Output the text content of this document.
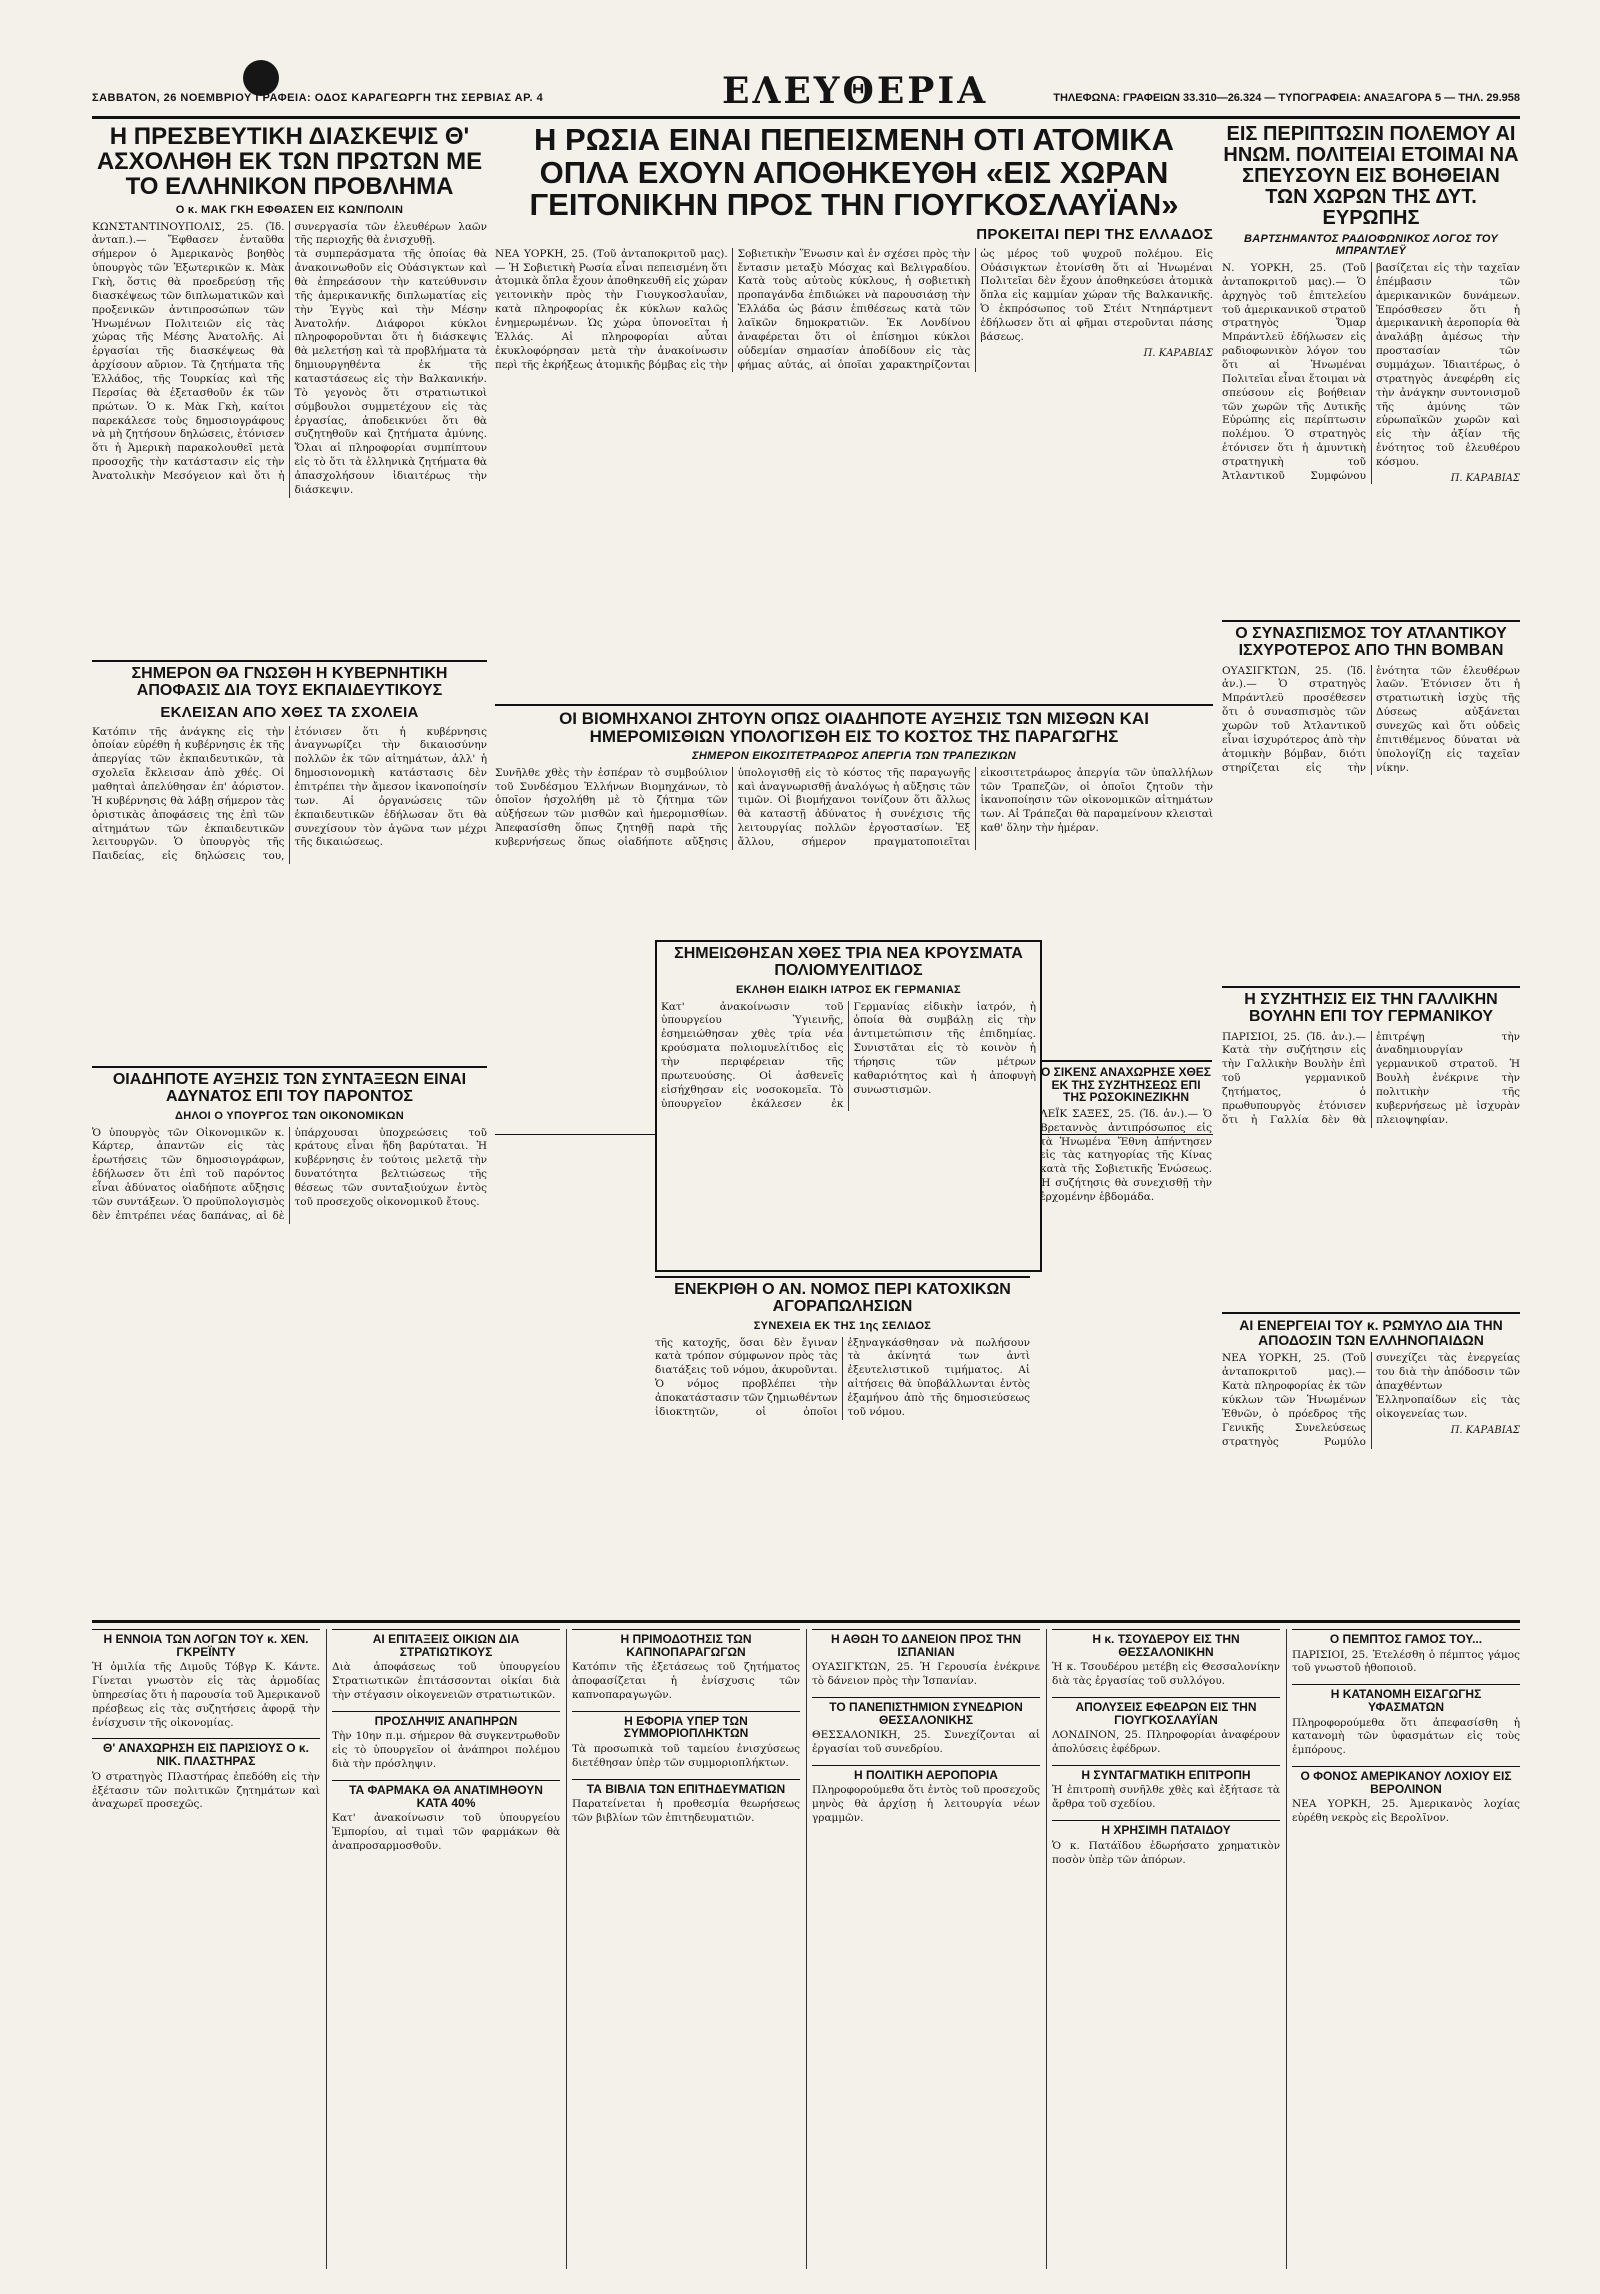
ΣΑΒΒΑΤΟΝ, 26 ΝΟΕΜΒΡΙΟΥ ΓΡΑΦΕΙΑ: ΟΔΟΣ ΚΑΡΑΓΕΩΡΓΗ ΤΗΣ ΣΕΡΒΙΑΣ ΑΡ. 4	ΕΛΕΥΘΕΡΙΑ	ΤΗΛΕΦΩΝΑ: ΓΡΑΦΕΙΩΝ 33.310—26.324 — ΤΥΠΟΓΡΑΦΕΙΑ: ΑΝΑΞΑΓΟΡΑ 5 — ΤΗΛ. 29.958
Η ΠΡΕΣΒΕΥΤΙΚΗ ΔΙΑΣΚΕΨΙΣ Θ' ΑΣΧΟΛΗΘΗ ΕΚ ΤΩΝ ΠΡΩΤΩΝ ΜΕ ΤΟ ΕΛΛΗΝΙΚΟΝ ΠΡΟΒΛΗΜΑ
Ο κ. ΜΑΚ ΓΚΗ ΕΦΘΑΣΕΝ ΕΙΣ ΚΩΝ/ΠΟΛΙΝ

ΚΩΝΣΤΑΝΤΙΝΟΥΠΟΛΙΣ, 25. (Ἰδ. ἀνταπ.).— Ἔφθασεν ἐνταῦθα σήμερον ὁ Ἀμερικανὸς βοηθὸς ὑπουργὸς τῶν Ἐξωτερικῶν κ. Μὰκ Γκὴ, ὅστις θὰ προεδρεύσῃ τῆς διασκέψεως τῶν διπλωματικῶν καὶ προξενικῶν ἀντιπροσώπων τῶν Ἡνωμένων Πολιτειῶν εἰς τὰς χώρας τῆς Μέσης Ἀνατολῆς. Αἱ ἐργασίαι τῆς διασκέψεως θὰ ἀρχίσουν αὔριον. Τὰ ζητήματα τῆς Ἑλλάδος, τῆς Τουρκίας καὶ τῆς Περσίας θὰ ἐξετασθοῦν ἐκ τῶν πρώτων. Ὁ κ. Μὰκ Γκὴ, καίτοι παρεκάλεσε τοὺς δημοσιογράφους νὰ μὴ ζητήσουν δηλώσεις, ἐτόνισεν ὅτι ἡ Ἀμερικὴ παρακολουθεῖ μετὰ προσοχῆς τὴν κατάστασιν εἰς τὴν Ἀνατολικὴν Μεσόγειον καὶ ὅτι ἡ συνεργασία τῶν ἐλευθέρων λαῶν τῆς περιοχῆς θὰ ἐνισχυθῇ.

τὰ συμπεράσματα τῆς ὁποίας θὰ ἀνακοινωθοῦν εἰς Οὐάσιγκτων καὶ θὰ ἐπηρεάσουν τὴν κατεύθυνσιν τῆς ἀμερικανικῆς διπλωματίας εἰς τὴν Ἐγγὺς καὶ τὴν Μέσην Ἀνατολήν. Διάφοροι κύκλοι πληροφοροῦνται ὅτι ἡ διάσκεψις θὰ μελετήσῃ καὶ τὰ προβλήματα τὰ δημιουργηθέντα ἐκ τῆς καταστάσεως εἰς τὴν Βαλκανικήν. Τὸ γεγονὸς ὅτι στρατιωτικοὶ σύμβουλοι συμμετέχουν εἰς τὰς ἐργασίας, ἀποδεικνύει ὅτι θὰ συζητηθοῦν καὶ ζητήματα ἀμύνης. Ὅλαι αἱ πληροφορίαι συμπίπτουν εἰς τὸ ὅτι τὰ ἑλληνικὰ ζητήματα θὰ ἀπασχολήσουν ἰδιαιτέρως τὴν διάσκεψιν.

Η ΡΩΣΙΑ ΕΙΝΑΙ ΠΕΠΕΙΣΜΕΝΗ ΟΤΙ ΑΤΟΜΙΚΑ ΟΠΛΑ ΕΧΟΥΝ ΑΠΟΘΗΚΕΥΘΗ «ΕΙΣ ΧΩΡΑΝ ΓΕΙΤΟΝΙΚΗΝ ΠΡΟΣ ΤΗΝ ΓΙΟΥΓΚΟΣΛΑΥΪΑΝ»
ΠΡΟΚΕΙΤΑΙ ΠΕΡΙ ΤΗΣ ΕΛΛΑΔΟΣ

ΝΕΑ ΥΟΡΚΗ, 25. (Τοῦ ἀνταποκριτοῦ μας).— Ἡ Σοβιετικὴ Ρωσία εἶναι πεπεισμένη ὅτι ἀτομικὰ ὅπλα ἔχουν ἀποθηκευθῆ εἰς χώραν γειτονικὴν πρὸς τὴν Γιουγκοσλαυΐαν, κατὰ πληροφορίας ἐκ κύκλων καλῶς ἐνημερωμένων. Ὡς χώρα ὑπονοεῖται ἡ Ἑλλάς. Αἱ πληροφορίαι αὗται ἐκυκλοφόρησαν μετὰ τὴν ἀνακοίνωσιν περὶ τῆς ἐκρήξεως ἀτομικῆς βόμβας εἰς τὴν Σοβιετικὴν Ἕνωσιν καὶ ἐν σχέσει πρὸς τὴν ἔντασιν μεταξὺ Μόσχας καὶ Βελιγραδίου. Κατὰ τοὺς αὐτοὺς κύκλους, ἡ σοβιετικὴ προπαγάνδα ἐπιδιώκει νὰ παρουσιάσῃ τὴν Ἑλλάδα ὡς βάσιν ἐπιθέσεως κατὰ τῶν λαϊκῶν δημοκρατιῶν. Ἐκ Λονδίνου ἀναφέρεται ὅτι οἱ ἐπίσημοι κύκλοι οὐδεμίαν σημασίαν ἀποδίδουν εἰς τὰς φήμας αὐτάς, αἱ ὁποῖαι χαρακτηρίζονται ὡς μέρος τοῦ ψυχροῦ πολέμου. Εἰς Οὐάσιγκτων ἐτονίσθη ὅτι αἱ Ἡνωμέναι Πολιτεῖαι δὲν ἔχουν ἀποθηκεύσει ἀτομικὰ ὅπλα εἰς καμμίαν χώραν τῆς Βαλκανικῆς. Ὁ ἐκπρόσωπος τοῦ Στέιτ Ντηπάρτμεντ ἐδήλωσεν ὅτι αἱ φῆμαι στεροῦνται πάσης βάσεως.

Π. ΚΑΡΑΒΙΑΣ
ΕΙΣ ΠΕΡΙΠΤΩΣΙΝ ΠΟΛΕΜΟΥ ΑΙ ΗΝΩΜ. ΠΟΛΙΤΕΙΑΙ ΕΤΟΙΜΑΙ ΝΑ ΣΠΕΥΣΟΥΝ ΕΙΣ ΒΟΗΘΕΙΑΝ ΤΩΝ ΧΩΡΩΝ ΤΗΣ ΔΥΤ. ΕΥΡΩΠΗΣ
ΒΑΡΤΣΗΜΑΝΤΟΣ ΡΑΔΙΟΦΩΝΙΚΟΣ ΛΟΓΟΣ ΤΟΥ ΜΠΡΑΝΤΛΕΫ

Ν. ΥΟΡΚΗ, 25. (Τοῦ ἀνταποκριτοῦ μας).— Ὁ ἀρχηγὸς τοῦ ἐπιτελείου τοῦ ἀμερικανικοῦ στρατοῦ στρατηγὸς Ὄμαρ Μπράντλεϋ ἐδήλωσεν εἰς ραδιοφωνικὸν λόγον του ὅτι αἱ Ἡνωμέναι Πολιτεῖαι εἶναι ἕτοιμαι νὰ σπεύσουν εἰς βοήθειαν τῶν χωρῶν τῆς Δυτικῆς Εὐρώπης εἰς περίπτωσιν πολέμου. Ὁ στρατηγὸς ἐτόνισεν ὅτι ἡ ἀμυντικὴ στρατηγικὴ τοῦ Ἀτλαντικοῦ Συμφώνου βασίζεται εἰς τὴν ταχεῖαν ἐπέμβασιν τῶν ἀμερικανικῶν δυνάμεων. Ἐπρόσθεσεν ὅτι ἡ ἀμερικανικὴ ἀεροπορία θὰ ἀναλάβῃ ἀμέσως τὴν προστασίαν τῶν συμμάχων. Ἰδιαιτέρως, ὁ στρατηγὸς ἀνεφέρθη εἰς τὴν ἀνάγκην συντονισμοῦ τῆς ἀμύνης τῶν εὐρωπαϊκῶν χωρῶν καὶ εἰς τὴν ἀξίαν τῆς ἑνότητος τοῦ ἐλευθέρου κόσμου.

Π. ΚΑΡΑΒΙΑΣ
ΣΗΜΕΡΟΝ ΘΑ ΓΝΩΣΘΗ Η ΚΥΒΕΡΝΗΤΙΚΗ ΑΠΟΦΑΣΙΣ ΔΙΑ ΤΟΥΣ ΕΚΠΑΙΔΕΥΤΙΚΟΥΣ
ΕΚΛΕΙΣΑΝ ΑΠΟ ΧΘΕΣ ΤΑ ΣΧΟΛΕΙΑ

Κατόπιν τῆς ἀνάγκης εἰς τὴν ὁποίαν εὑρέθη ἡ κυβέρνησις ἐκ τῆς ἀπεργίας τῶν ἐκπαιδευτικῶν, τὰ σχολεῖα ἔκλεισαν ἀπὸ χθές. Οἱ μαθηταὶ ἀπελύθησαν ἐπ' ἀόριστον. Ἡ κυβέρνησις θὰ λάβῃ σήμερον τὰς ὁριστικὰς ἀποφάσεις της ἐπὶ τῶν αἰτημάτων τῶν ἐκπαιδευτικῶν λειτουργῶν. Ὁ ὑπουργὸς τῆς Παιδείας, εἰς δηλώσεις του, ἐτόνισεν ὅτι ἡ κυβέρνησις ἀναγνωρίζει τὴν δικαιοσύνην πολλῶν ἐκ τῶν αἰτημάτων, ἀλλ' ἡ δημοσιονομικὴ κατάστασις δὲν ἐπιτρέπει τὴν ἄμεσον ἱκανοποίησίν των. Αἱ ὀργανώσεις τῶν ἐκπαιδευτικῶν ἐδήλωσαν ὅτι θὰ συνεχίσουν τὸν ἀγῶνα των μέχρι τῆς δικαιώσεως.

ΟΙΑΔΗΠΟΤΕ ΑΥΞΗΣΙΣ ΤΩΝ ΣΥΝΤΑΞΕΩΝ ΕΙΝΑΙ ΑΔΥΝΑΤΟΣ ΕΠΙ ΤΟΥ ΠΑΡΟΝΤΟΣ
ΔΗΛΟΙ Ο ΥΠΟΥΡΓΟΣ ΤΩΝ ΟΙΚΟΝΟΜΙΚΩΝ

Ὁ ὑπουργὸς τῶν Οἰκονομικῶν κ. Κάρτερ, ἀπαντῶν εἰς τὰς ἐρωτήσεις τῶν δημοσιογράφων, ἐδήλωσεν ὅτι ἐπὶ τοῦ παρόντος εἶναι ἀδύνατος οἱαδήποτε αὔξησις τῶν συντάξεων. Ὁ προϋπολογισμὸς δὲν ἐπιτρέπει νέας δαπάνας, αἱ δὲ ὑπάρχουσαι ὑποχρεώσεις τοῦ κράτους εἶναι ἤδη βαρύταται. Ἡ κυβέρνησις ἐν τούτοις μελετᾷ τὴν δυνατότητα βελτιώσεως τῆς θέσεως τῶν συνταξιούχων ἐντὸς τοῦ προσεχοῦς οἰκονομικοῦ ἔτους.

ΟΙ ΒΙΟΜΗΧΑΝΟΙ ΖΗΤΟΥΝ ΟΠΩΣ ΟΙΑΔΗΠΟΤΕ ΑΥΞΗΣΙΣ ΤΩΝ ΜΙΣΘΩΝ ΚΑΙ ΗΜΕΡΟΜΙΣΘΙΩΝ ΥΠΟΛΟΓΙΣΘΗ ΕΙΣ ΤΟ ΚΟΣΤΟΣ ΤΗΣ ΠΑΡΑΓΩΓΗΣ
ΣΗΜΕΡΟΝ ΕΙΚΟΣΙΤΕΤΡΑΩΡΟΣ ΑΠΕΡΓΙΑ ΤΩΝ ΤΡΑΠΕΖΙΚΩΝ

Συνῆλθε χθὲς τὴν ἑσπέραν τὸ συμβούλιον τοῦ Συνδέσμου Ἑλλήνων Βιομηχάνων, τὸ ὁποῖον ἠσχολήθη μὲ τὸ ζήτημα τῶν αὐξήσεων τῶν μισθῶν καὶ ἡμερομισθίων. Ἀπεφασίσθη ὅπως ζητηθῇ παρὰ τῆς κυβερνήσεως ὅπως οἱαδήποτε αὔξησις ὑπολογισθῇ εἰς τὸ κόστος τῆς παραγωγῆς καὶ ἀναγνωρισθῇ ἀναλόγως ἡ αὔξησις τῶν τιμῶν. Οἱ βιομήχανοι τονίζουν ὅτι ἄλλως θὰ καταστῇ ἀδύνατος ἡ συνέχισις τῆς λειτουργίας πολλῶν ἐργοστασίων. Ἐξ ἄλλου, σήμερον πραγματοποιεῖται εἰκοσιτετράωρος ἀπεργία τῶν ὑπαλλήλων τῶν Τραπεζῶν, οἱ ὁποῖοι ζητοῦν τὴν ἱκανοποίησιν τῶν οἰκονομικῶν αἰτημάτων των. Αἱ Τράπεζαι θὰ παραμείνουν κλεισταὶ καθ' ὅλην τὴν ἡμέραν.

ΣΗΜΕΙΩΘΗΣΑΝ ΧΘΕΣ ΤΡΙΑ ΝΕΑ ΚΡΟΥΣΜΑΤΑ ΠΟΛΙΟΜΥΕΛΙΤΙΔΟΣ
ΕΚΛΗΘΗ ΕΙΔΙΚΗ ΙΑΤΡΟΣ ΕΚ ΓΕΡΜΑΝΙΑΣ

Κατ' ἀνακοίνωσιν τοῦ ὑπουργείου Ὑγιεινῆς, ἐσημειώθησαν χθὲς τρία νέα κρούσματα πολιομυελίτιδος εἰς τὴν περιφέρειαν τῆς πρωτευούσης. Οἱ ἀσθενεῖς εἰσήχθησαν εἰς νοσοκομεῖα. Τὸ ὑπουργεῖον ἐκάλεσεν ἐκ Γερμανίας εἰδικὴν ἰατρόν, ἡ ὁποία θὰ συμβάλῃ εἰς τὴν ἀντιμετώπισιν τῆς ἐπιδημίας. Συνιστᾶται εἰς τὸ κοινὸν ἡ τήρησις τῶν μέτρων καθαριότητος καὶ ἡ ἀποφυγὴ συνωστισμῶν.

ΕΝΕΚΡΙΘΗ Ο ΑΝ. ΝΟΜΟΣ ΠΕΡΙ ΚΑΤΟΧΙΚΩΝ ΑΓΟΡΑΠΩΛΗΣΙΩΝ
ΣΥΝΕΧΕΙΑ ΕΚ ΤΗΣ 1ης ΣΕΛΙΔΟΣ

τῆς κατοχῆς, ὅσαι δὲν ἔγιναν κατὰ τρόπον σύμφωνον πρὸς τὰς διατάξεις τοῦ νόμου, ἀκυροῦνται. Ὁ νόμος προβλέπει τὴν ἀποκατάστασιν τῶν ζημιωθέντων ἰδιοκτητῶν, οἱ ὁποῖοι ἐξηναγκάσθησαν νὰ πωλήσουν τὰ ἀκίνητά των ἀντὶ ἐξευτελιστικοῦ τιμήματος. Αἱ αἰτήσεις θὰ ὑποβάλλωνται ἐντὸς ἑξαμήνου ἀπὸ τῆς δημοσιεύσεως τοῦ νόμου.

Ο ΣΥΝΑΣΠΙΣΜΟΣ ΤΟΥ ΑΤΛΑΝΤΙΚΟΥ ΙΣΧΥΡΟΤΕΡΟΣ ΑΠΟ ΤΗΝ ΒΟΜΒΑΝ

ΟΥΑΣΙΓΚΤΩΝ, 25. (Ἰδ. ἀν.).— Ὁ στρατηγὸς Μπράντλεϋ προσέθεσεν ὅτι ὁ συνασπισμὸς τῶν χωρῶν τοῦ Ἀτλαντικοῦ εἶναι ἰσχυρότερος ἀπὸ τὴν ἀτομικὴν βόμβαν, διότι στηρίζεται εἰς τὴν ἑνότητα τῶν ἐλευθέρων λαῶν. Ἐτόνισεν ὅτι ἡ στρατιωτικὴ ἰσχὺς τῆς Δύσεως αὐξάνεται συνεχῶς καὶ ὅτι οὐδεὶς ἐπιτιθέμενος δύναται νὰ ὑπολογίζῃ εἰς ταχεῖαν νίκην.

Ο ΣΙΚΕΝΣ ΑΝΑΧΩΡΗΣΕ ΧΘΕΣ ΕΚ ΤΗΣ ΣΥΖΗΤΗΣΕΩΣ ΕΠΙ ΤΗΣ ΡΩΣΟΚΙΝΕΖΙΚΗΝ

ΛΕΪΚ ΣΑΞΕΣ, 25. (Ἰδ. ἀν.).— Ὁ Βρεταννὸς ἀντιπρόσωπος εἰς τὰ Ἡνωμένα Ἔθνη ἀπήντησεν εἰς τὰς κατηγορίας τῆς Κίνας κατὰ τῆς Σοβιετικῆς Ἑνώσεως. Ἡ συζήτησις θὰ συνεχισθῇ τὴν ἐρχομένην ἑβδομάδα.

Η ΣΥΖΗΤΗΣΙΣ ΕΙΣ ΤΗΝ ΓΑΛΛΙΚΗΝ ΒΟΥΛΗΝ ΕΠΙ ΤΟΥ ΓΕΡΜΑΝΙΚΟΥ

ΠΑΡΙΣΙΟΙ, 25. (Ἰδ. ἀν.).— Κατὰ τὴν συζήτησιν εἰς τὴν Γαλλικὴν Βουλὴν ἐπὶ τοῦ γερμανικοῦ ζητήματος, ὁ πρωθυπουργὸς ἐτόνισεν ὅτι ἡ Γαλλία δὲν θὰ ἐπιτρέψῃ τὴν ἀναδημιουργίαν γερμανικοῦ στρατοῦ. Ἡ Βουλὴ ἐνέκρινε τὴν πολιτικὴν τῆς κυβερνήσεως μὲ ἰσχυρὰν πλειοψηφίαν.

ΑΙ ΕΝΕΡΓΕΙΑΙ ΤΟΥ κ. ΡΩΜΥΛΟ ΔΙΑ ΤΗΝ ΑΠΟΔΟΣΙΝ ΤΩΝ ΕΛΛΗΝΟΠΑΙΔΩΝ

ΝΕΑ ΥΟΡΚΗ, 25. (Τοῦ ἀνταποκριτοῦ μας).— Κατὰ πληροφορίας ἐκ τῶν κύκλων τῶν Ἡνωμένων Ἐθνῶν, ὁ πρόεδρος τῆς Γενικῆς Συνελεύσεως στρατηγὸς Ρωμύλο συνεχίζει τὰς ἐνεργείας του διὰ τὴν ἀπόδοσιν τῶν ἀπαχθέντων Ἑλληνοπαίδων εἰς τὰς οἰκογενείας των.

Π. ΚΑΡΑΒΙΑΣ
Η ΕΝΝΟΙΑ ΤΩΝ ΛΟΓΩΝ ΤΟΥ κ. ΧΕΝ. ΓΚΡΕΪΝΤΥ

Ἡ ὁμιλία τῆς Διμοῦς Τόβγρ Κ. Κάντε. Γίνεται γνωστὸν εἰς τὰς ἀρμοδίας ὑπηρεσίας ὅτι ἡ παρουσία τοῦ Ἀμερικανοῦ πρέσβεως εἰς τὰς συζητήσεις ἀφορᾷ τὴν ἐνίσχυσιν τῆς οἰκονομίας.

Θ' ΑΝΑΧΩΡΗΣΗ ΕΙΣ ΠΑΡΙΣΙΟΥΣ Ο κ. ΝΙΚ. ΠΛΑΣΤΗΡΑΣ

Ὁ στρατηγὸς Πλαστήρας ἐπεδόθη εἰς τὴν ἐξέτασιν τῶν πολιτικῶν ζητημάτων καὶ ἀναχωρεῖ προσεχῶς.

ΑΙ ΕΠΙΤΑΞΕΙΣ ΟΙΚΙΩΝ ΔΙΑ ΣΤΡΑΤΙΩΤΙΚΟΥΣ

Διὰ ἀποφάσεως τοῦ ὑπουργείου Στρατιωτικῶν ἐπιτάσσονται οἰκίαι διὰ τὴν στέγασιν οἰκογενειῶν στρατιωτικῶν.

ΠΡΟΣΛΗΨΙΣ ΑΝΑΠΗΡΩΝ

Τὴν 10ην π.μ. σήμερον θὰ συγκεντρωθοῦν εἰς τὸ ὑπουργεῖον οἱ ἀνάπηροι πολέμου διὰ τὴν πρόσληψιν.

ΤΑ ΦΑΡΜΑΚΑ ΘΑ ΑΝΑΤΙΜΗΘΟΥΝ ΚΑΤΑ 40%

Κατ' ἀνακοίνωσιν τοῦ ὑπουργείου Ἐμπορίου, αἱ τιμαὶ τῶν φαρμάκων θὰ ἀναπροσαρμοσθοῦν.

Η ΠΡΙΜΟΔΟΤΗΣΙΣ ΤΩΝ ΚΑΠΝΟΠΑΡΑΓΩΓΩΝ

Κατόπιν τῆς ἐξετάσεως τοῦ ζητήματος ἀποφασίζεται ἡ ἐνίσχυσις τῶν καπνοπαραγωγῶν.

Η ΕΦΟΡΙΑ ΥΠΕΡ ΤΩΝ ΣΥΜΜΟΡΙΟΠΛΗΚΤΩΝ

Τὰ προσωπικὰ τοῦ ταμείου ἐνισχύσεως διετέθησαν ὑπὲρ τῶν συμμοριοπλήκτων.

ΤΑ ΒΙΒΛΙΑ ΤΩΝ ΕΠΙΤΗΔΕΥΜΑΤΙΩΝ

Παρατείνεται ἡ προθεσμία θεωρήσεως τῶν βιβλίων τῶν ἐπιτηδευματιῶν.

Η ΑΘΩΗ ΤΟ ΔΑΝΕΙΟΝ ΠΡΟΣ ΤΗΝ ΙΣΠΑΝΙΑΝ

ΟΥΑΣΙΓΚΤΩΝ, 25. Ἡ Γερουσία ἐνέκρινε τὸ δάνειον πρὸς τὴν Ἱσπανίαν.

ΤΟ ΠΑΝΕΠΙΣΤΗΜΙΟΝ ΣΥΝΕΔΡΙΟΝ ΘΕΣΣΑΛΟΝΙΚΗΣ

ΘΕΣΣΑΛΟΝΙΚΗ, 25. Συνεχίζονται αἱ ἐργασίαι τοῦ συνεδρίου.

Η ΠΟΛΙΤΙΚΗ ΑΕΡΟΠΟΡΙΑ

Πληροφορούμεθα ὅτι ἐντὸς τοῦ προσεχοῦς μηνὸς θὰ ἀρχίσῃ ἡ λειτουργία νέων γραμμῶν.

Η κ. ΤΣΟΥΔΕΡΟΥ ΕΙΣ ΤΗΝ ΘΕΣΣΑΛΟΝΙΚΗΝ

Ἡ κ. Τσουδέρου μετέβη εἰς Θεσσαλονίκην διὰ τὰς ἐργασίας τοῦ συλλόγου.

ΑΠΟΛΥΣΕΙΣ ΕΦΕΔΡΩΝ ΕΙΣ ΤΗΝ ΓΙΟΥΓΚΟΣΛΑΥΪΑΝ

ΛΟΝΔΙΝΟΝ, 25. Πληροφορίαι ἀναφέρουν ἀπολύσεις ἐφέδρων.

Η ΣΥΝΤΑΓΜΑΤΙΚΗ ΕΠΙΤΡΟΠΗ

Ἡ ἐπιτροπὴ συνῆλθε χθὲς καὶ ἐξήτασε τὰ ἄρθρα τοῦ σχεδίου.

Η ΧΡΗΣΙΜΗ ΠΑΤΑΙΔΟΥ

Ὁ κ. Πατάϊδου ἐδωρήσατο χρηματικὸν ποσὸν ὑπὲρ τῶν ἀπόρων.

Ο ΠΕΜΠΤΟΣ ΓΑΜΟΣ ΤΟΥ...

ΠΑΡΙΣΙΟΙ, 25. Ἐτελέσθη ὁ πέμπτος γάμος τοῦ γνωστοῦ ἠθοποιοῦ.

Η ΚΑΤΑΝΟΜΗ ΕΙΣΑΓΩΓΗΣ ΥΦΑΣΜΑΤΩΝ

Πληροφορούμεθα ὅτι ἀπεφασίσθη ἡ κατανομὴ τῶν ὑφασμάτων εἰς τοὺς ἐμπόρους.

Ο ΦΟΝΟΣ ΑΜΕΡΙΚΑΝΟΥ ΛΟΧΙΟΥ ΕΙΣ ΒΕΡΟΛΙΝΟΝ

ΝΕΑ ΥΟΡΚΗ, 25. Ἀμερικανὸς λοχίας εὑρέθη νεκρὸς εἰς Βερολῖνον.
